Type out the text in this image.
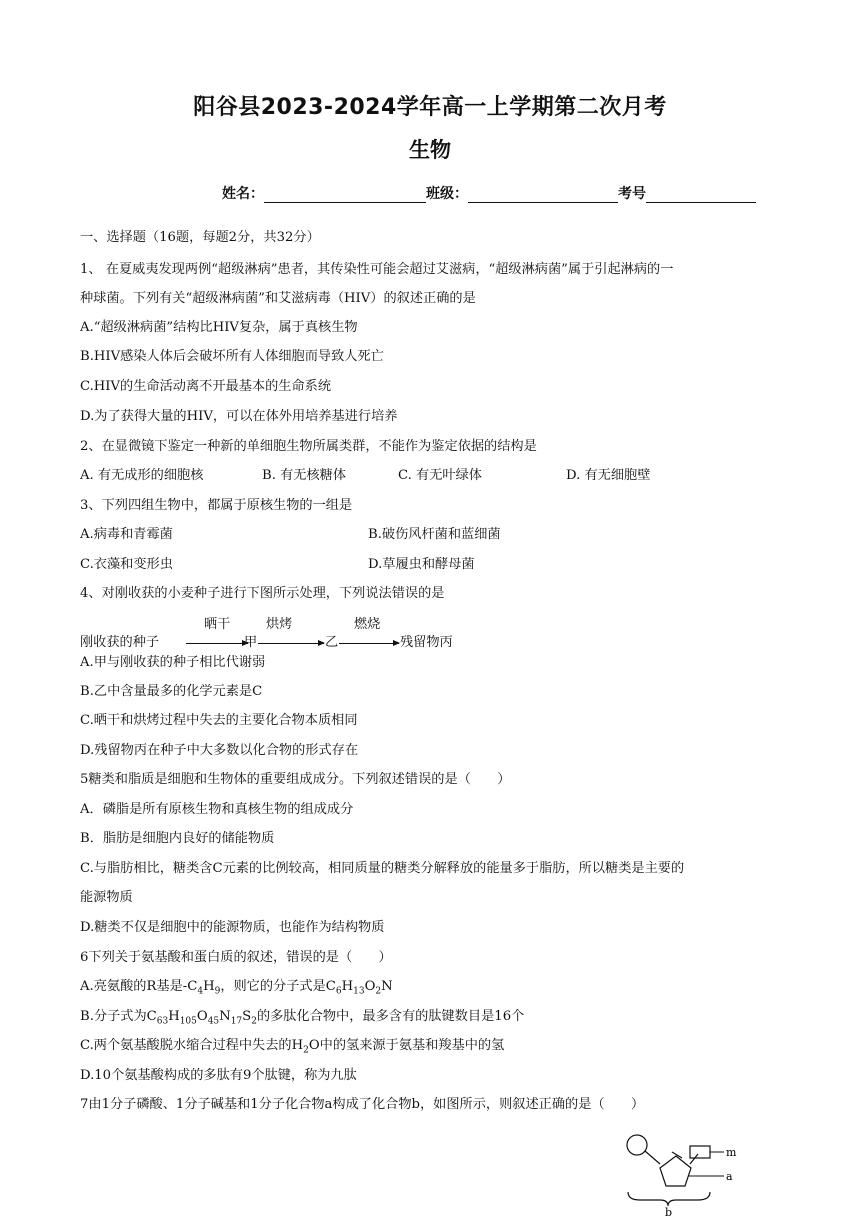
阳谷县2023-2024学年高一上学期第二次月考
生物
姓名：	班级：	考号
一、选择题（16题，每题2分，共32分）
1、 在夏威夷发现两例“超级淋病”患者，其传染性可能会超过艾滋病，“超级淋病菌”属于引起淋病的一
种球菌。下列有关“超级淋病菌”和艾滋病毒（HIV）的叙述正确的是
A.“超级淋病菌”结构比HIV复杂，属于真核生物
B.HIV感染人体后会破坏所有人体细胞而导致人死亡
C.HIV的生命活动离不开最基本的生命系统
D.为了获得大量的HIV，可以在体外用培养基进行培养
2、在显微镜下鉴定一种新的单细胞生物所属类群，不能作为鉴定依据的结构是
A. 有无成形的细胞核	B. 有无核糖体	C. 有无叶绿体	D. 有无细胞壁
3、下列四组生物中，都属于原核生物的一组是
A.病毒和青霉菌	B.破伤风杆菌和蓝细菌
C.衣藻和变形虫	D.草履虫和酵母菌
4、对刚收获的小麦种子进行下图所示处理，下列说法错误的是
晒干	烘烤	燃烧
刚收获的种子	甲	乙	残留物丙
A.甲与刚收获的种子相比代谢弱
B.乙中含量最多的化学元素是C
C.晒干和烘烤过程中失去的主要化合物本质相同
D.残留物丙在种子中大多数以化合物的形式存在
5糖类和脂质是细胞和生物体的重要组成成分。下列叙述错误的是（　　）
A．磷脂是所有原核生物和真核生物的组成成分
B．脂肪是细胞内良好的储能物质
C.与脂肪相比，糖类含C元素的比例较高，相同质量的糖类分解释放的能量多于脂肪，所以糖类是主要的
能源物质
D.糖类不仅是细胞中的能源物质，也能作为结构物质
6下列关于氨基酸和蛋白质的叙述，错误的是（　　）
A.亮氨酸的R基是$-C_4H_9$，则它的分子式是$C_6H_{13}O_2N$
B.分子式为$C_{63}H_{105}O_{45}N_{17}S_2$的多肽化合物中，最多含有的肽键数目是16个
C.两个氨基酸脱水缩合过程中失去的$H_2O$中的氢来源于氨基和羧基中的氢
D.10个氨基酸构成的多肽有9个肽键，称为九肽
7由1分子磷酸、1分子碱基和1分子化合物a构成了化合物b，如图所示，则叙述正确的是（　　）
m
a
b
